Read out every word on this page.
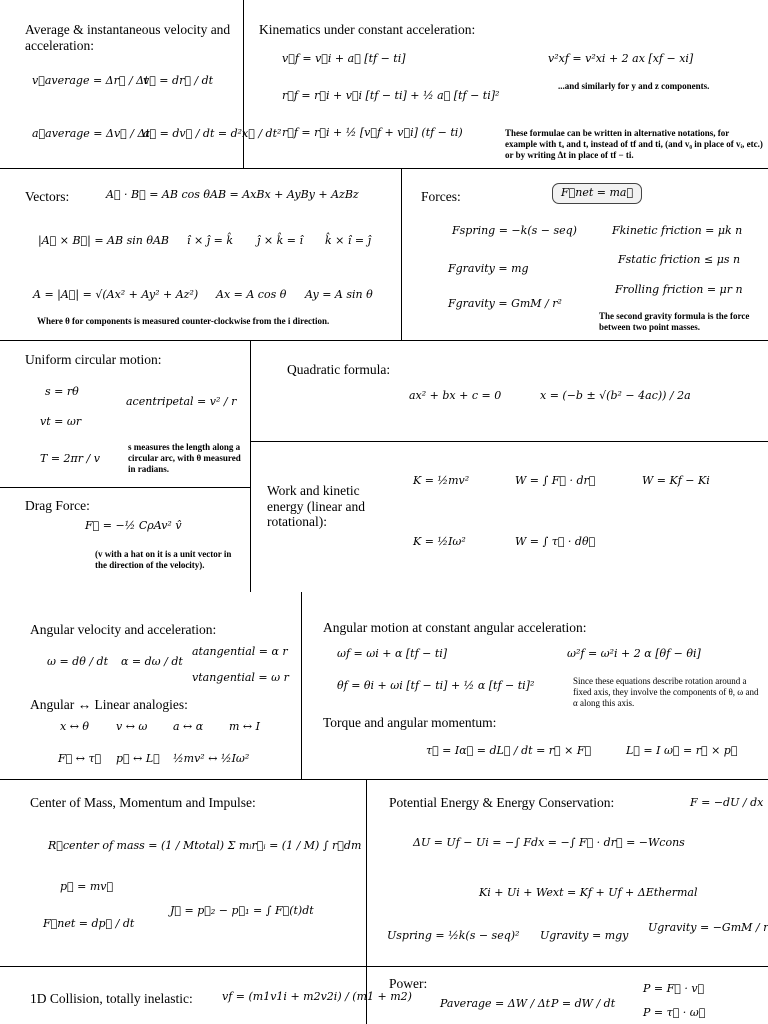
Average & instantaneous velocity and acceleration:
v⃗average = Δr⃗ / Δt
v⃗ = dr⃗ / dt
a⃗average = Δv⃗ / Δt
a⃗ = dv⃗ / dt = d²x⃗ / dt²
Kinematics under constant acceleration:
v⃗f = v⃗i + a⃗ [tf − ti]
r⃗f = r⃗i + v⃗i [tf − ti] + ½ a⃗ [tf − ti]²
r⃗f = r⃗i + ½ [v⃗f + v⃗i] (tf − ti)
v²xf = v²xi + 2 ax [xf − xi]
...and similarly for y and z components.
These formulae can be written in alternative notations, for example with tₒ and t, instead of tf and ti, (and v₀ in place of vᵢ, etc.) or by writing Δt in place of tf − ti.
Vectors:	A⃗ · B⃗ = AB cos θAB = AxBx + AyBy + AzBz
|A⃗ × B⃗| = AB sin θAB î × ĵ = k̂ ĵ × k̂ = î k̂ × î = ĵ
A = |A⃗| = √(Ax² + Ay² + Az²) Ax = A cos θ Ay = A sin θ
Where θ for components is measured counter-clockwise from the i direction.
Forces:	F⃗net = ma⃗
Fspring = −k(s − seq)	Fkinetic friction = μk n
Fgravity = mg
Fstatic friction ≤ μs n
Fgravity = GmM / r²
Frolling friction = μr n
The second gravity formula is the force between two point masses.
Uniform circular motion:
s = rθ
acentripetal = v² / r
vt = ωr
T = 2πr / v
s measures the length along a circular arc, with θ measured in radians.
Quadratic formula:
ax² + bx + c = 0	x = (−b ± √(b² − 4ac)) / 2a
Drag Force:
F⃗ = −½ CρAv² v̂
(v with a hat on it is a unit vector in the direction of the velocity).
Work and kinetic energy (linear and rotational):
K = ½mv²	W = ∫ F⃗ · dr⃗	W = Kf − Ki
K = ½Iω²	W = ∫ τ⃗ · dθ⃗
Angular velocity and acceleration:
ω = dθ / dt α = dω / dt
atangential = α r
vtangential = ω r
Angular ↔ Linear analogies:
x ↔ θ v ↔ ω a ↔ α m ↔ I
F⃗ ↔ τ⃗ p⃗ ↔ L⃗ ½mv² ↔ ½Iω²
Angular motion at constant angular acceleration:
ωf = ωi + α [tf − ti]	ω²f = ω²i + 2 α [θf − θi]
θf = θi + ωi [tf − ti] + ½ α [tf − ti]²	Since these equations describe rotation around a fixed axis, they involve the components of θ, ω and α along this axis.
Torque and angular momentum:
τ⃗ = Iα⃗ = dL⃗ / dt = r⃗ × F⃗	L⃗ = I ω⃗ = r⃗ × p⃗
Center of Mass, Momentum and Impulse:
R⃗center of mass = (1 / Mtotal) Σ mᵢr⃗ᵢ = (1 / M) ∫ r⃗dm
p⃗ = mv⃗
F⃗net = dp⃗ / dt
J⃗ = p⃗₂ − p⃗₁ = ∫ F⃗(t)dt
Potential Energy & Energy Conservation:	F = −dU / dx
ΔU = Uf − Ui = −∫ Fdx = −∫ F⃗ · dr⃗ = −Wcons
Ki + Ui + Wext = Kf + Uf + ΔEthermal
Uspring = ½k(s − seq)² Ugravity = mgy
Ugravity = −GmM / r
1D Collision, totally inelastic:	vf = (m1v1i + m2v2i) / (m1 + m2)
Power:
Paverage = ΔW / Δt P = dW / dt
P = F⃗ · v⃗
P = τ⃗ · ω⃗
